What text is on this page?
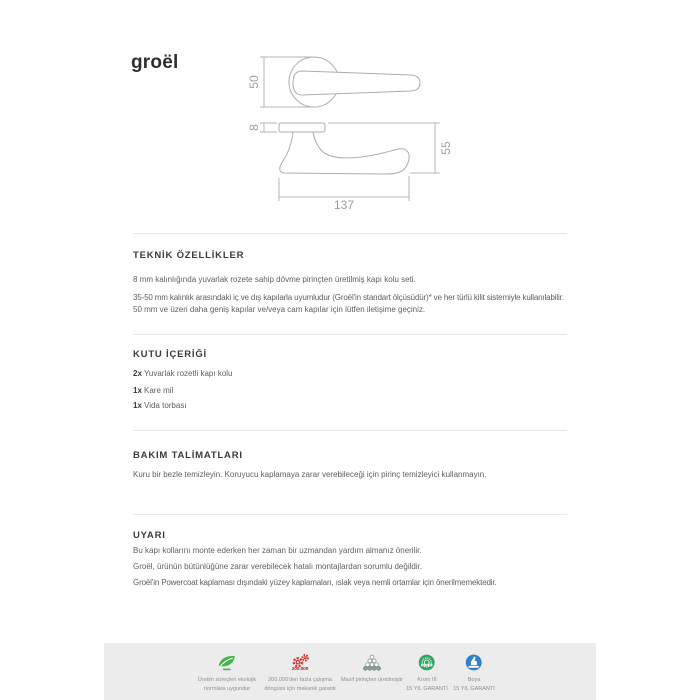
groël
50
8
55
137
TEKNİK ÖZELLİKLER
8 mm kalınlığında yuvarlak rozete sahip dövme pirinçten üretilmiş kapı kolu seti.
35-50 mm kalınlık arasındaki iç ve dış kapılarla uyumludur (Groël'in standart ölçüsüdür)* ve her türlü kilit sistemiyle kullanılabilir.
50 mm ve üzeri daha geniş kapılar ve/veya cam kapılar için lütfen iletişime geçiniz.
KUTU İÇERİĞİ
2x Yuvarlak rozetli kapı kolu
1x Kare mil
1x Vida torbası
BAKIM TALİMATLARI
Kuru bir bezle temizleyin. Koruyucu kaplamaya zarar verebileceği için pirinç temizleyici kullanmayın.
UYARI
Bu kapı kollarını monte ederken her zaman bir uzmandan yardım almanız önerilir.
Groël, ürünün bütünlüğüne zarar verebilecek hatalı montajlardan sorumlu değildir.
Groël'in Powercoat kaplaması dışındaki yüzey kaplamaları, ıslak veya nemli ortamlar için önerilmemektedir.
Üretim süreçleri ekolojik
normlara uygundur
200.000
200.000'den fazla çalışma
döngüsü için mekanik garanti
Masif pirinçten üretilmiştir	Krom III
15 YIL GARANTİ
Boya
15 YIL GARANTİ
